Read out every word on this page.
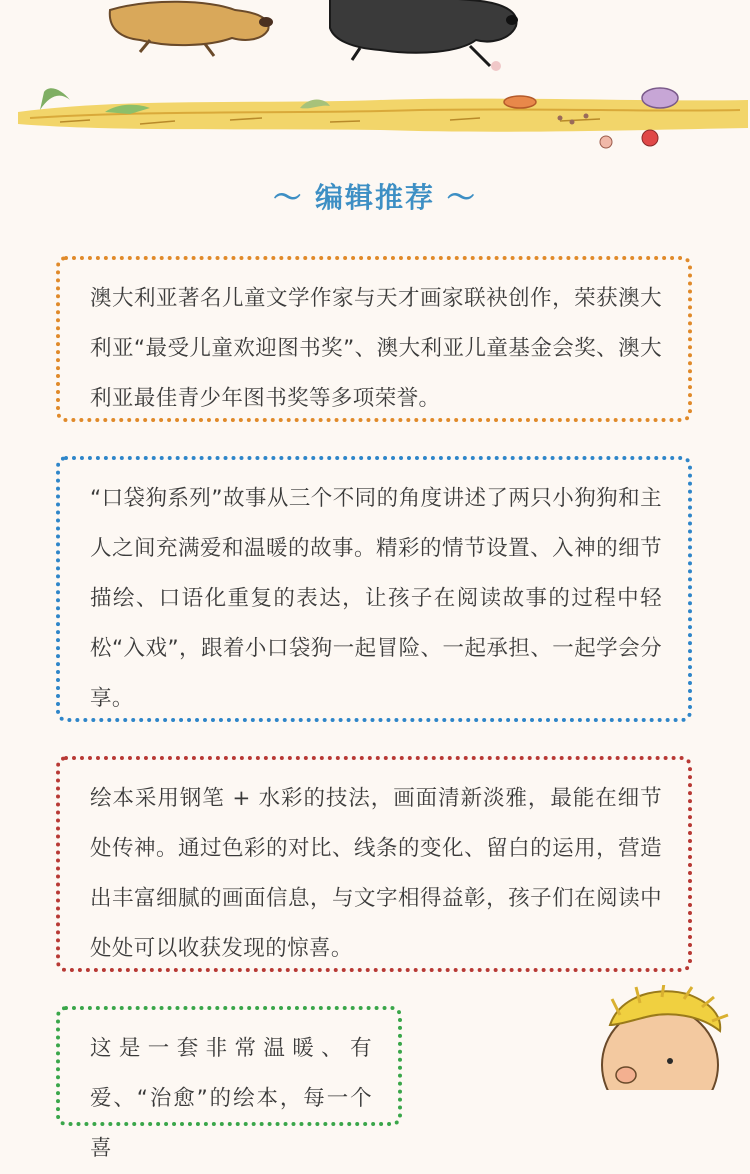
～ 编辑推荐 ～

澳大利亚著名儿童文学作家与天才画家联袂创作，荣获澳大利亚“最受儿童欢迎图书奖”、澳大利亚儿童基金会奖、澳大利亚最佳青少年图书奖等多项荣誉。

“口袋狗系列”故事从三个不同的角度讲述了两只小狗狗和主人之间充满爱和温暖的故事。精彩的情节设置、入神的细节描绘、口语化重复的表达，让孩子在阅读故事的过程中轻松“入戏”，跟着小口袋狗一起冒险、一起承担、一起学会分享。

绘本采用钢笔 + 水彩的技法，画面清新淡雅，最能在细节处传神。通过色彩的对比、线条的变化、留白的运用，营造出丰富细腻的画面信息，与文字相得益彰，孩子们在阅读中处处可以收获发现的惊喜。

这是一套非常温暖、有爱、“治愈”的绘本，每一个喜
